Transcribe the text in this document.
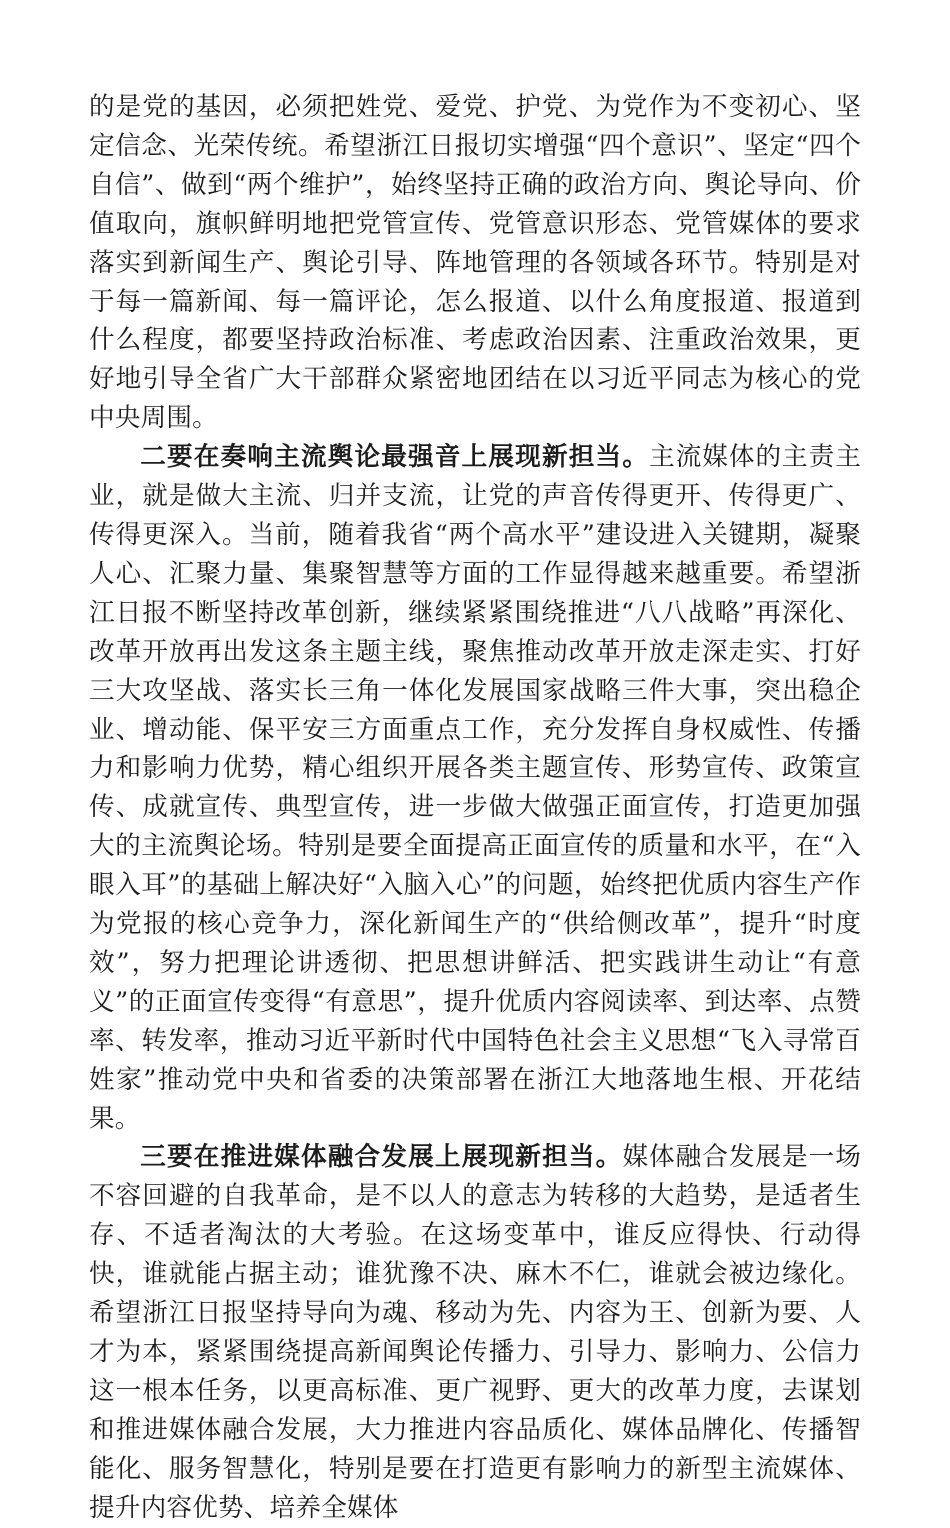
的是党的基因，必须把姓党、爱党、护党、为党作为不变初心、坚定信念、光荣传统。希望浙江日报切实增强“四个意识”、坚定“四个自信”、做到“两个维护”，始终坚持正确的政治方向、舆论导向、价值取向，旗帜鲜明地把党管宣传、党管意识形态、党管媒体的要求落实到新闻生产、舆论引导、阵地管理的各领域各环节。特别是对于每一篇新闻、每一篇评论，怎么报道、以什么角度报道、报道到什么程度，都要坚持政治标准、考虑政治因素、注重政治效果，更好地引导全省广大干部群众紧密地团结在以习近平同志为核心的党中央周围。

二要在奏响主流舆论最强音上展现新担当。主流媒体的主责主业，就是做大主流、归并支流，让党的声音传得更开、传得更广、传得更深入。当前，随着我省“两个高水平”建设进入关键期，凝聚人心、汇聚力量、集聚智慧等方面的工作显得越来越重要。希望浙江日报不断坚持改革创新，继续紧紧围绕推进“八八战略”再深化、改革开放再出发这条主题主线，聚焦推动改革开放走深走实、打好三大攻坚战、落实长三角一体化发展国家战略三件大事，突出稳企业、增动能、保平安三方面重点工作，充分发挥自身权威性、传播力和影响力优势，精心组织开展各类主题宣传、形势宣传、政策宣传、成就宣传、典型宣传，进一步做大做强正面宣传，打造更加强大的主流舆论场。特别是要全面提高正面宣传的质量和水平，在“入眼入耳”的基础上解决好“入脑入心”的问题，始终把优质内容生产作为党报的核心竞争力，深化新闻生产的“供给侧改革”，提升“时度效”，努力把理论讲透彻、把思想讲鲜活、把实践讲生动让“有意义”的正面宣传变得“有意思”，提升优质内容阅读率、到达率、点赞率、转发率，推动习近平新时代中国特色社会主义思想“飞入寻常百姓家”推动党中央和省委的决策部署在浙江大地落地生根、开花结果。

三要在推进媒体融合发展上展现新担当。媒体融合发展是一场不容回避的自我革命，是不以人的意志为转移的大趋势，是适者生存、不适者淘汰的大考验。在这场变革中，谁反应得快、行动得快，谁就能占据主动；谁犹豫不决、麻木不仁，谁就会被边缘化。希望浙江日报坚持导向为魂、移动为先、内容为王、创新为要、人才为本，紧紧围绕提高新闻舆论传播力、引导力、影响力、公信力这一根本任务，以更高标准、更广视野、更大的改革力度，去谋划和推进媒体融合发展，大力推进内容品质化、媒体品牌化、传播智能化、服务智慧化，特别是要在打造更有影响力的新型主流媒体、提升内容优势、培养全媒体
